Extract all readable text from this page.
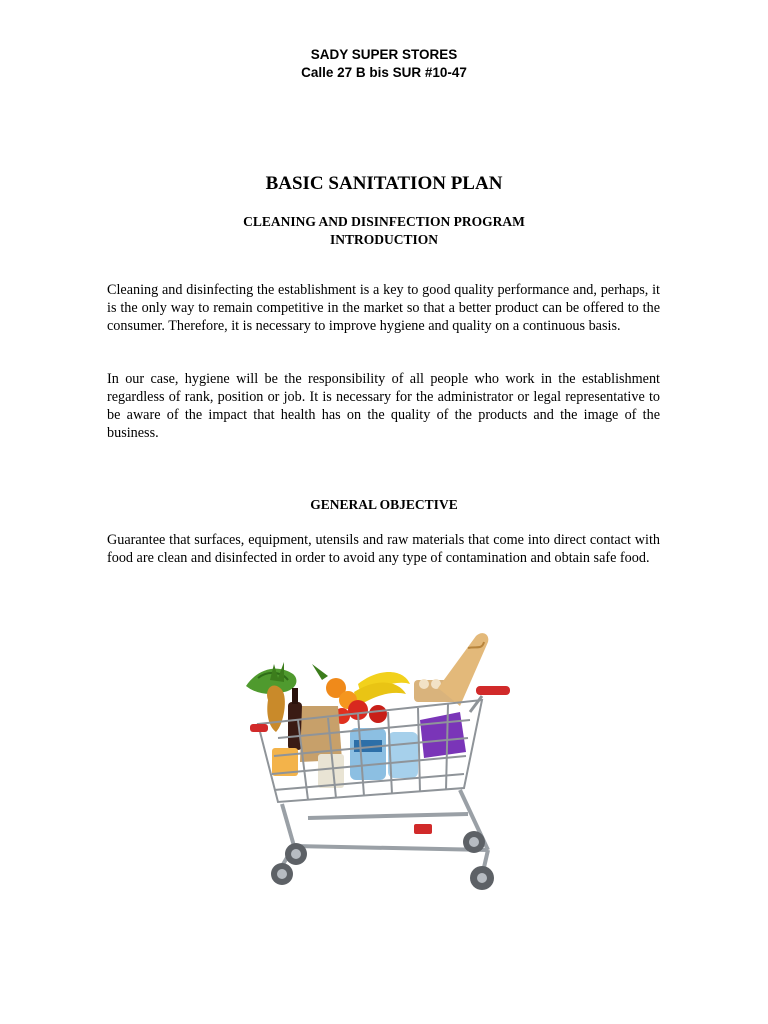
SADY SUPER STORES
Calle 27 B bis SUR #10-47
BASIC SANITATION PLAN
CLEANING AND DISINFECTION PROGRAM
INTRODUCTION
Cleaning and disinfecting the establishment is a key to good quality performance and, perhaps, it is the only way to remain competitive in the market so that a better product can be offered to the consumer. Therefore, it is necessary to improve hygiene and quality on a continuous basis.
In our case, hygiene will be the responsibility of all people who work in the establishment regardless of rank, position or job. It is necessary for the administrator or legal representative to be aware of the impact that health has on the quality of the products and the image of the business.
GENERAL OBJECTIVE
Guarantee that surfaces, equipment, utensils and raw materials that come into direct contact with food are clean and disinfected in order to avoid any type of contamination and obtain safe food.
